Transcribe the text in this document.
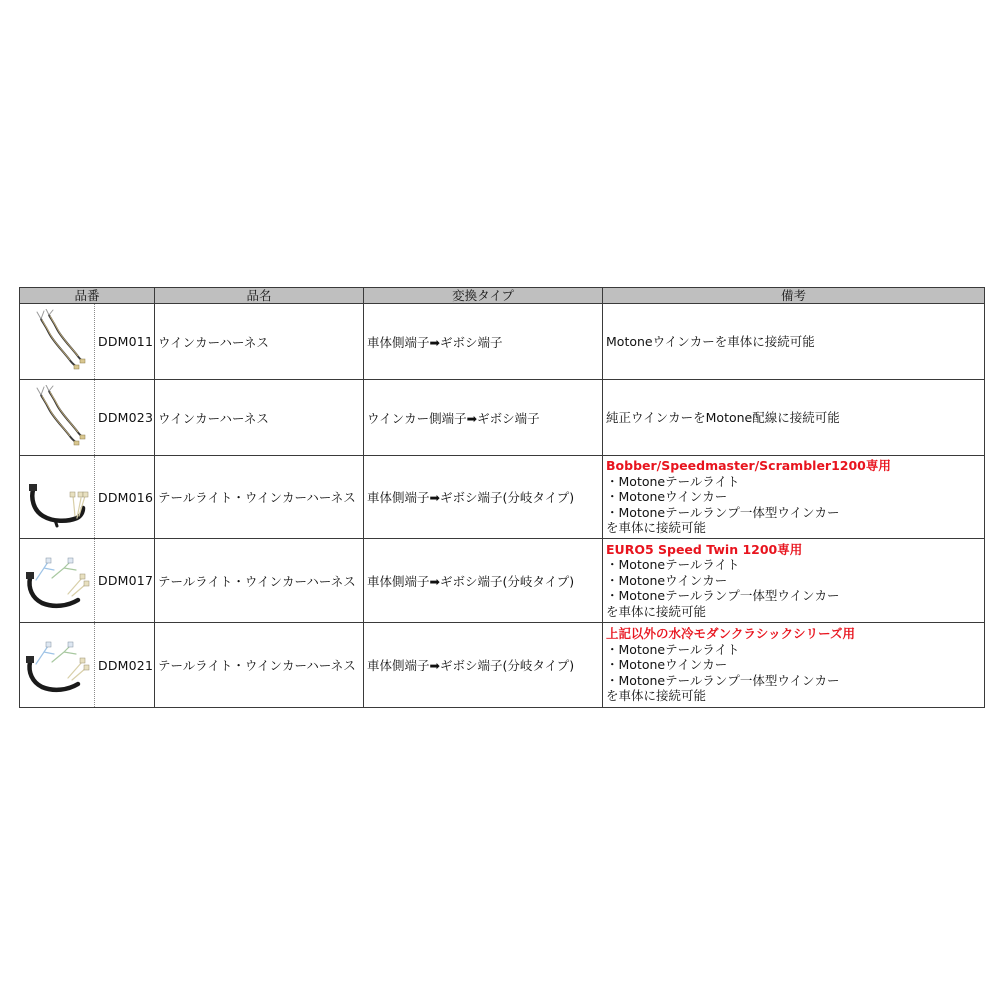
品番		品名	変換タイプ	備考

	DDM011	ウインカーハーネス	車体側端子➡ギボシ端子	Motoneウインカーを車体に接続可能

	DDM023	ウインカーハーネス	ウインカー側端子➡ギボシ端子	純正ウインカーをMotone配線に接続可能

	DDM016	テールライト・ウインカーハーネス	車体側端子➡ギボシ端子(分岐タイプ)	Bobber/Speedmaster/Scrambler1200専用
・Motoneテールライト
・Motoneウインカー
・Motoneテールランプ一体型ウインカー
を車体に接続可能

	DDM017	テールライト・ウインカーハーネス	車体側端子➡ギボシ端子(分岐タイプ)	EURO5 Speed Twin 1200専用
・Motoneテールライト
・Motoneウインカー
・Motoneテールランプ一体型ウインカー
を車体に接続可能

	DDM021	テールライト・ウインカーハーネス	車体側端子➡ギボシ端子(分岐タイプ)	上記以外の水冷モダンクラシックシリーズ用
・Motoneテールライト
・Motoneウインカー
・Motoneテールランプ一体型ウインカー
を車体に接続可能
